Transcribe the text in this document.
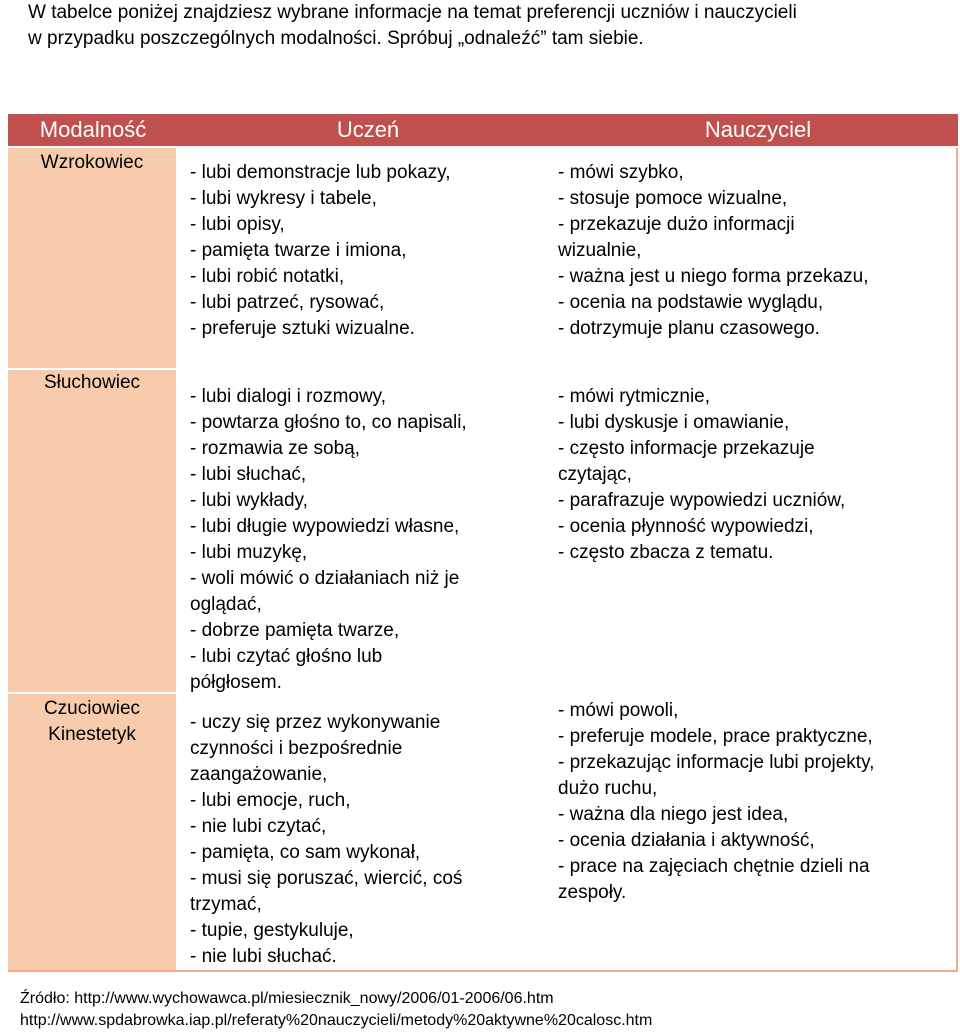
W tabelce poniżej znajdziesz wybrane informacje na temat preferencji uczniów i nauczycieli
w przypadku poszczególnych modalności. Spróbuj „odnaleźć” tam siebie.
Modalność	Uczeń	Nauczyciel
Wzrokowiec
Słuchowiec
Czuciowiec
Kinestetyk
- lubi demonstracje lub pokazy,
- lubi wykresy i tabele,
- lubi opisy,
- pamięta twarze i imiona,
- lubi robić notatki,
- lubi patrzeć, rysować,
- preferuje sztuki wizualne.
- mówi szybko,
- stosuje pomoce wizualne,
- przekazuje dużo informacji
wizualnie,
- ważna jest u niego forma przekazu,
- ocenia na podstawie wyglądu,
- dotrzymuje planu czasowego.
- lubi dialogi i rozmowy,
- powtarza głośno to, co napisali,
- rozmawia ze sobą,
- lubi słuchać,
- lubi wykłady,
- lubi długie wypowiedzi własne,
- lubi muzykę,
- woli mówić o działaniach niż je
oglądać,
- dobrze pamięta twarze,
- lubi czytać głośno lub
półgłosem.
- mówi rytmicznie,
- lubi dyskusje i omawianie,
- często informacje przekazuje
czytając,
- parafrazuje wypowiedzi uczniów,
- ocenia płynność wypowiedzi,
- często zbacza z tematu.
- uczy się przez wykonywanie
czynności i bezpośrednie
zaangażowanie,
- lubi emocje, ruch,
- nie lubi czytać,
- pamięta, co sam wykonał,
- musi się poruszać, wiercić, coś
trzymać,
- tupie, gestykuluje,
- nie lubi słuchać.
- mówi powoli,
- preferuje modele, prace praktyczne,
- przekazując informacje lubi projekty,
dużo ruchu,
- ważna dla niego jest idea,
- ocenia działania i aktywność,
- prace na zajęciach chętnie dzieli na
zespoły.
Źródło: http://www.wychowawca.pl/miesiecznik_nowy/2006/01-2006/06.htm
http://www.spdabrowka.iap.pl/referaty%20nauczycieli/metody%20aktywne%20calosc.htm
